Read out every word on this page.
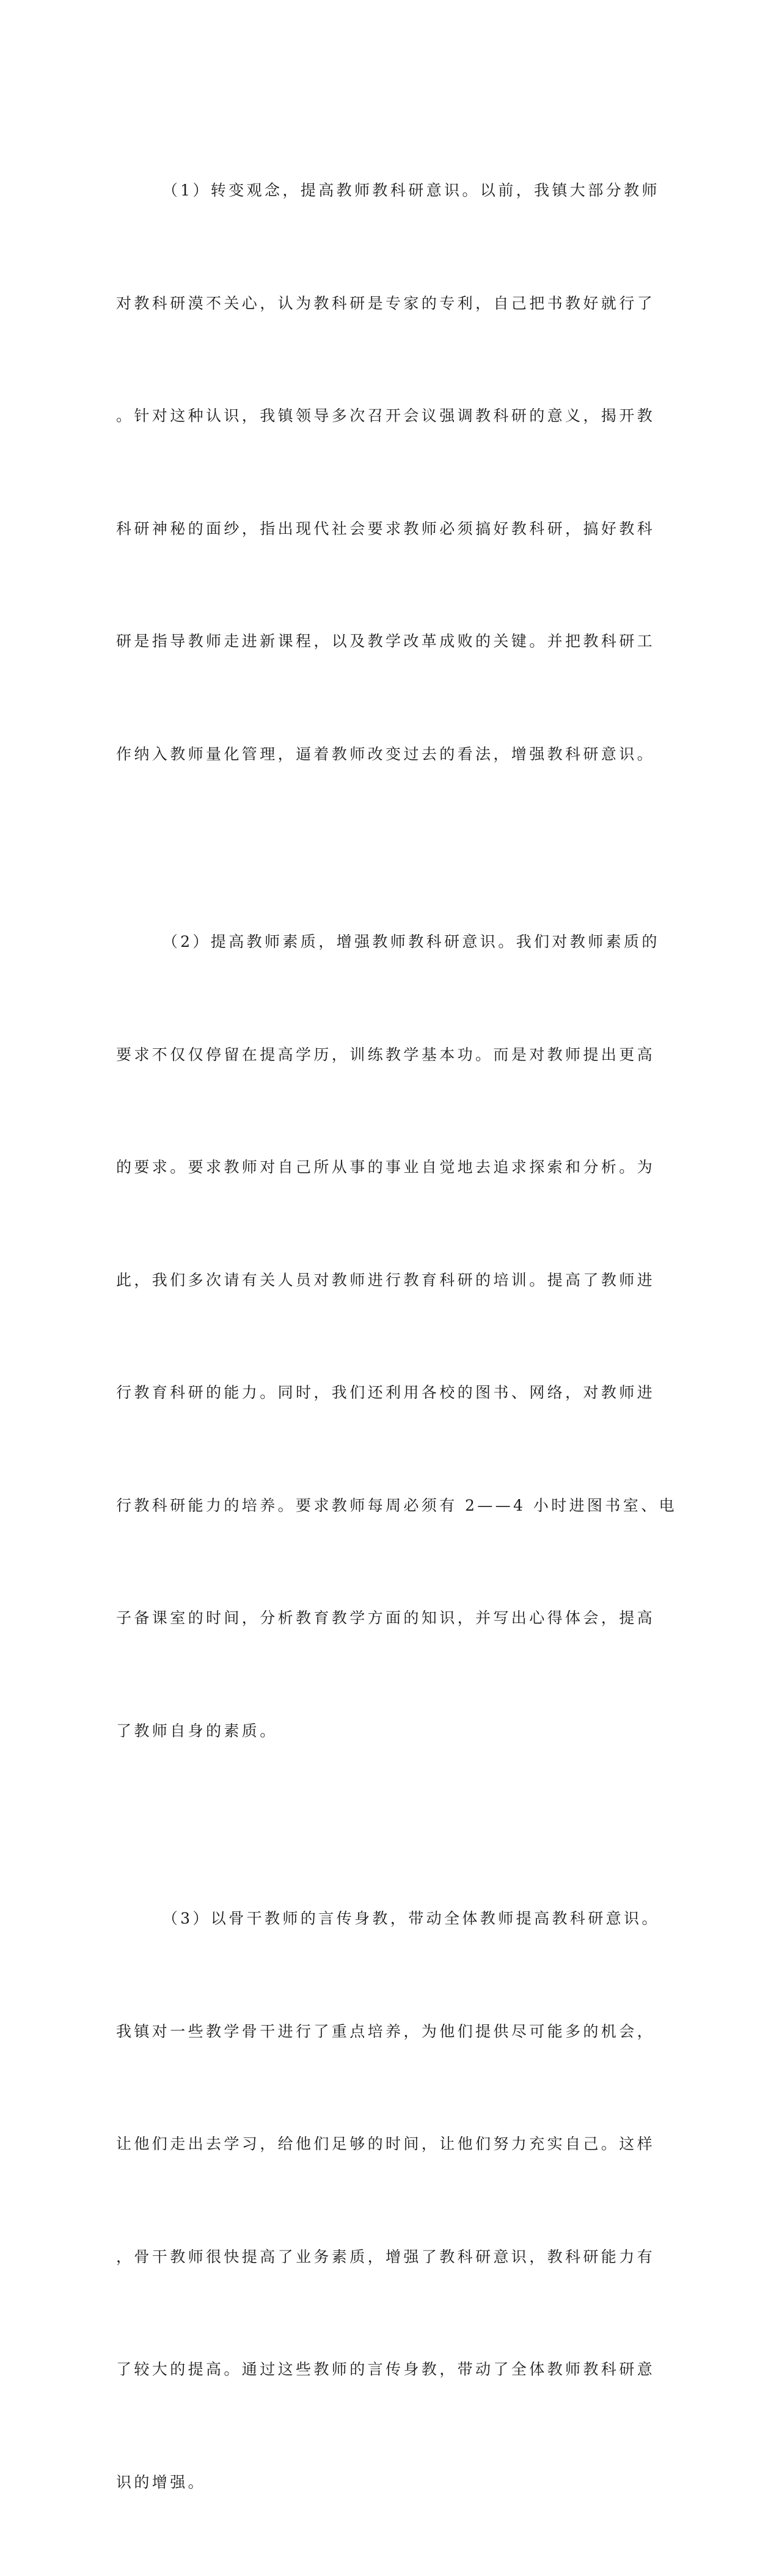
　　　（1）转变观念，提高教师教科研意识。以前，我镇大部分教师

对教科研漠不关心，认为教科研是专家的专利，自己把书教好就行了

。针对这种认识，我镇领导多次召开会议强调教科研的意义，揭开教

科研神秘的面纱，指出现代社会要求教师必须搞好教科研，搞好教科

研是指导教师走进新课程，以及教学改革成败的关键。并把教科研工

作纳入教师量化管理，逼着教师改变过去的看法，增强教科研意识。

　　　（2）提高教师素质，增强教师教科研意识。我们对教师素质的

要求不仅仅停留在提高学历，训练教学基本功。而是对教师提出更高

的要求。要求教师对自己所从事的事业自觉地去追求探索和分析。为

此，我们多次请有关人员对教师进行教育科研的培训。提高了教师进

行教育科研的能力。同时，我们还利用各校的图书、网络，对教师进

行教科研能力的培养。要求教师每周必须有 2——4 小时进图书室、电

子备课室的时间，分析教育教学方面的知识，并写出心得体会，提高

了教师自身的素质。

　　　（3）以骨干教师的言传身教，带动全体教师提高教科研意识。

我镇对一些教学骨干进行了重点培养，为他们提供尽可能多的机会，

让他们走出去学习，给他们足够的时间，让他们努力充实自己。这样

，骨干教师很快提高了业务素质，增强了教科研意识，教科研能力有

了较大的提高。通过这些教师的言传身教，带动了全体教师教科研意

识的增强。
